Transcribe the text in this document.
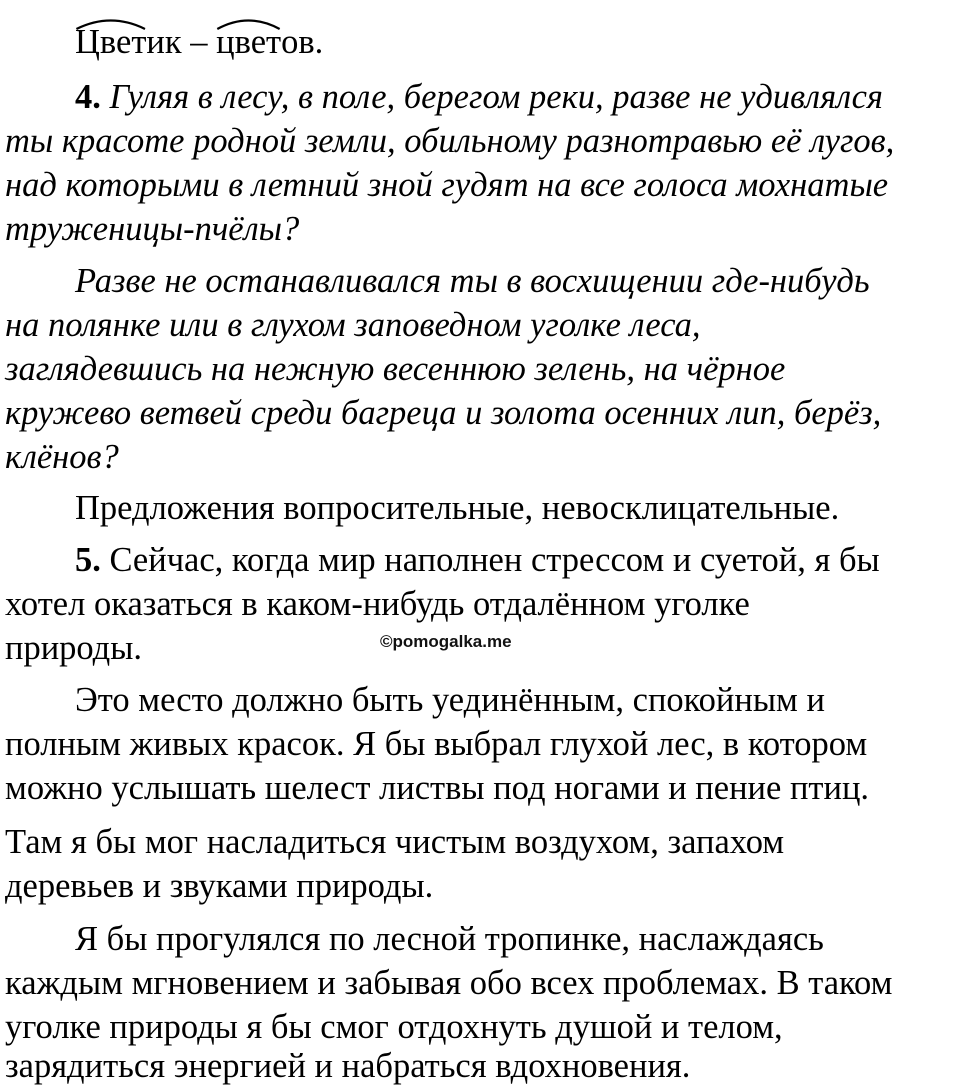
Цветик –
цветов.
4. Гуляя в лесу, в поле, берегом реки, разве не удивлялся
ты красоте родной земли, обильному разнотравью её лугов,
над которыми в летний зной гудят на все голоса мохнатые
труженицы-пчёлы?
Разве не останавливался ты в восхищении где-нибудь
на полянке или в глухом заповедном уголке леса,
заглядевшись на нежную весеннюю зелень, на чёрное
кружево ветвей среди багреца и золота осенних лип, берёз,
клёнов?
Предложения вопросительные, невосклицательные.
5. Сейчас, когда мир наполнен стрессом и суетой, я бы
хотел оказаться в каком-нибудь отдалённом уголке
природы.
Это место должно быть уединённым, спокойным и
полным живых красок. Я бы выбрал глухой лес, в котором
можно услышать шелест листвы под ногами и пение птиц.
Там я бы мог насладиться чистым воздухом, запахом
деревьев и звуками природы.
Я бы прогулялся по лесной тропинке, наслаждаясь
каждым мгновением и забывая обо всех проблемах. В таком
уголке природы я бы смог отдохнуть душой и телом,
зарядиться энергией и набраться вдохновения.
©pomogalka.me
